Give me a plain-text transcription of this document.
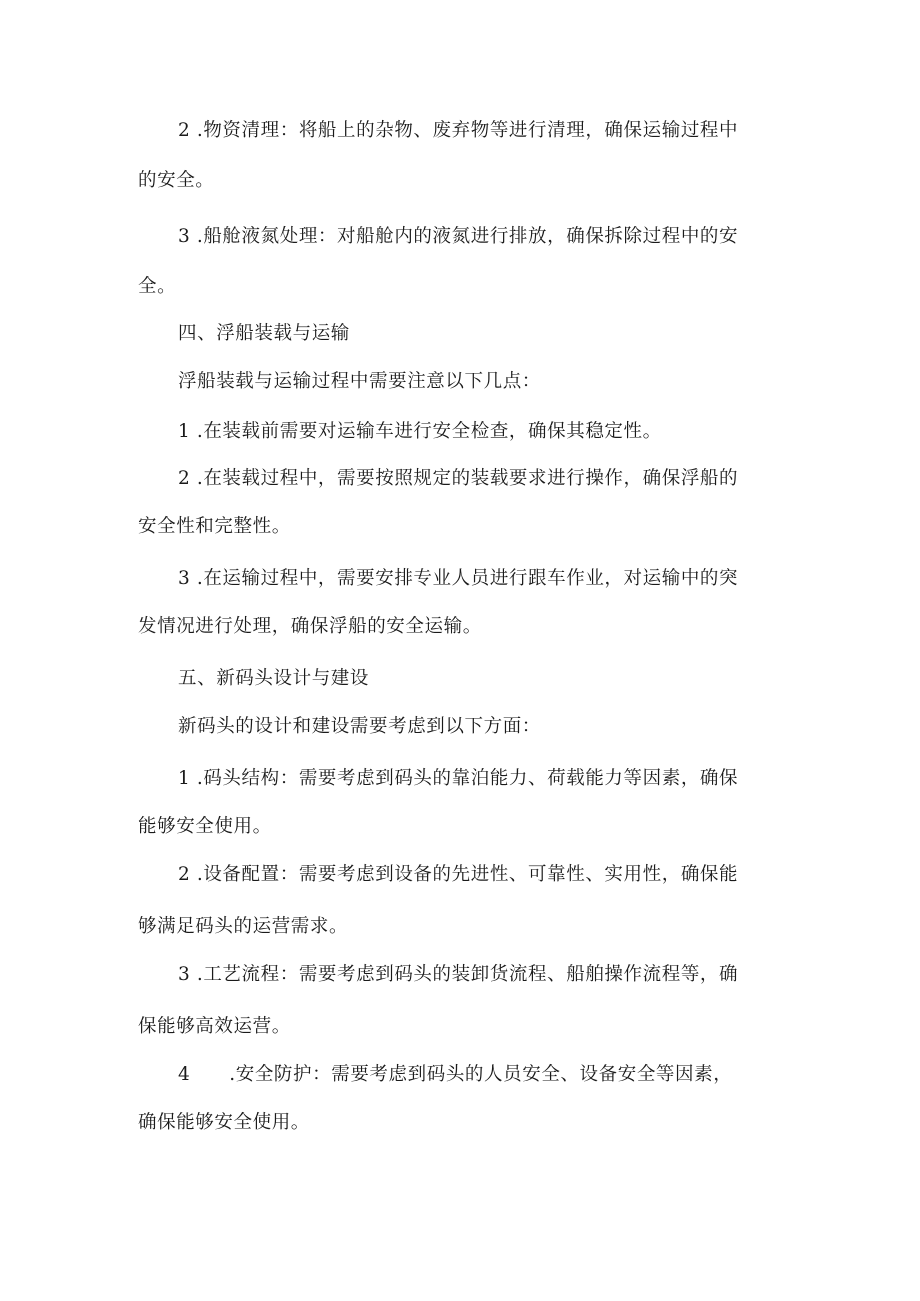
2 .物资清理：将船上的杂物、废弃物等进行清理，确保运输过程中
的安全。
3 .船舱液氮处理：对船舱内的液氮进行排放，确保拆除过程中的安
全。
四、浮船装载与运输
浮船装载与运输过程中需要注意以下几点：
1 .在装载前需要对运输车进行安全检查，确保其稳定性。
2 .在装载过程中，需要按照规定的装载要求进行操作，确保浮船的
安全性和完整性。
3 .在运输过程中，需要安排专业人员进行跟车作业，对运输中的突
发情况进行处理，确保浮船的安全运输。
五、新码头设计与建设
新码头的设计和建设需要考虑到以下方面：
1 .码头结构：需要考虑到码头的靠泊能力、荷载能力等因素，确保
能够安全使用。
2 .设备配置：需要考虑到设备的先进性、可靠性、实用性，确保能
够满足码头的运营需求。
3 .工艺流程：需要考虑到码头的装卸货流程、船舶操作流程等，确
保能够高效运营。
4      .安全防护：需要考虑到码头的人员安全、设备安全等因素，
确保能够安全使用。
